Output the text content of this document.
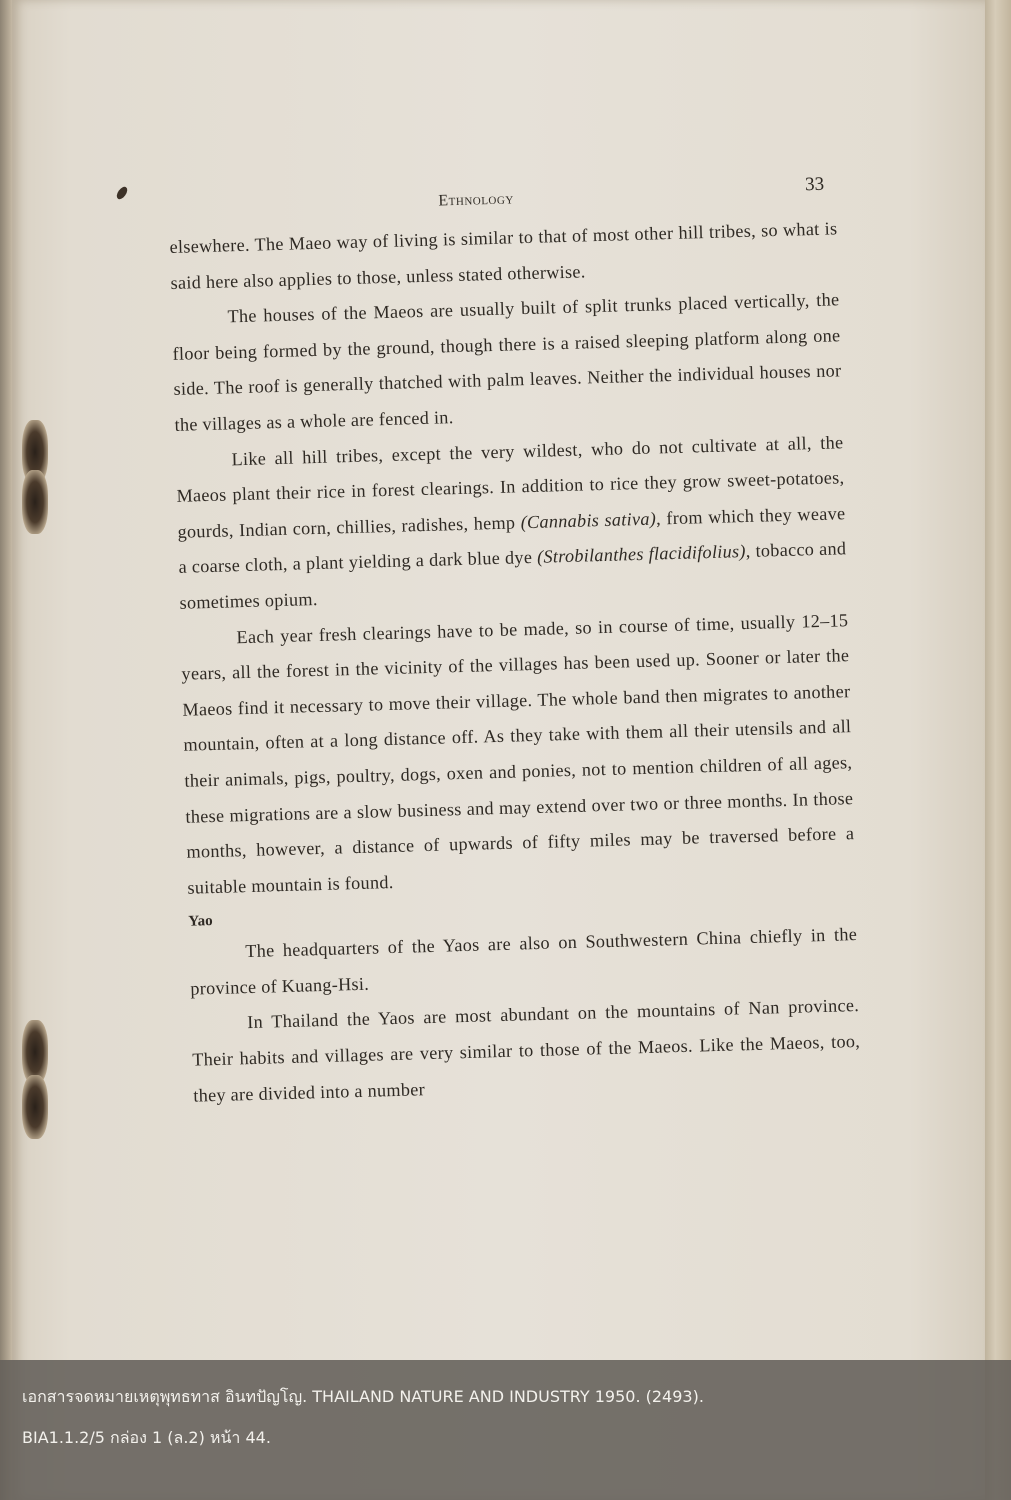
Ethnology
33

elsewhere. The Maeo way of living is similar to that of most other hill tribes, so what is said here also applies to those, unless stated otherwise.

The houses of the Maeos are usually built of split trunks placed vertically, the floor being formed by the ground, though there is a raised sleeping platform along one side. The roof is generally thatched with palm leaves. Neither the individual houses nor the villages as a whole are fenced in.

Like all hill tribes, except the very wildest, who do not cultivate at all, the Maeos plant their rice in forest clearings. In addition to rice they grow sweet-potatoes, gourds, Indian corn, chillies, radishes, hemp (Cannabis sativa), from which they weave a coarse cloth, a plant yielding a dark blue dye (Strobilanthes flacidifolius), tobacco and sometimes opium.

Each year fresh clearings have to be made, so in course of time, usually 12–15 years, all the forest in the vicinity of the villages has been used up. Sooner or later the Maeos find it necessary to move their village. The whole band then migrates to another mountain, often at a long distance off. As they take with them all their utensils and all their animals, pigs, poultry, dogs, oxen and ponies, not to mention children of all ages, these migrations are a slow business and may extend over two or three months. In those months, however, a distance of upwards of fifty miles may be traversed before a suitable mountain is found.

Yao

The headquarters of the Yaos are also on Southwestern China chiefly in the province of Kuang-Hsi.

In Thailand the Yaos are most abundant on the mountains of Nan province. Their habits and villages are very similar to those of the Maeos. Like the Maeos, too, they are divided into a number

เอกสารจดหมายเหตุพุทธทาส อินทปัญโญ. THAILAND NATURE AND INDUSTRY 1950. (2493).
BIA1.1.2/5 กล่อง 1 (ล.2) หน้า 44.
